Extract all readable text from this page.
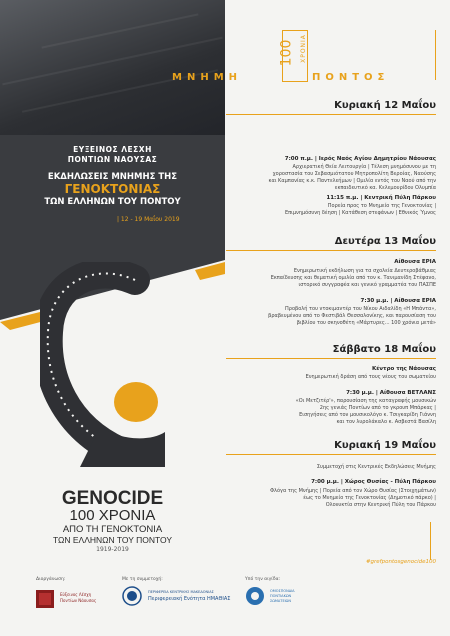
ΕΥΞΕΙΝΟΣ ΛΕΣΧΗ
ΠΟΝΤΙΩΝ ΝΑΟΥΣΑΣ
ΕΚΔΗΛΩΣΕΙΣ ΜΝΗΜΗΣ ΤΗΣ
ΓΕΝΟΚΤΟΝΙΑΣ
ΤΩΝ ΕΛΛΗΝΩΝ ΤΟΥ ΠΟΝΤΟΥ
| 12 - 19 Μαΐου 2019
GENOCIDE
100 ΧΡΟΝΙΑ
ΑΠΟ ΤΗ ΓΕΝΟΚΤΟΝΙΑ
ΤΩΝ ΕΛΛΗΝΩΝ ΤΟΥ ΠΟΝΤΟΥ
1919-2019
100 ΧΡΟΝΙΑ
ΜΝΗΜΗ	ΠΟΝΤΟΣ
Κυριακή 12 Μαΐου
7:00 π.μ. | Ιερός Ναός Αγίου Δημητρίου Νάουσας
Αρχιερατική Θεία Λειτουργία | Τέλεση μνημόσυνου με τη
χοροστασία του Σεβασμιότατου Μητροπολίτη Βεροίας, Ναούσης
και Καμπανίας κ.κ. Παντελεήμων | Ομιλία εντός του Ναού από την
εκπαιδευτικό κα. Κελεμουρίδου Ολυμπία
11:15 π.μ. | Κεντρική Πύλη Πάρκου
Πορεία προς το Μνημείο της Γενοκτονίας |
Επιμνημόσυνη δέηση | Κατάθεση στεφάνων | Εθνικός Ύμνος
Δευτέρα 13 Μαΐου
Αίθουσα ΕΡΙΑ
Ενημερωτική εκδήλωση για τα σχολεία Δευτεροβάθμιας
Εκπαίδευσης και θεματική ομιλία από τον κ. Τανιμανίδη Στέφανο,
ιστορικό συγγραφέα και γενικό γραμματέα του ΠΑΣΠΕ
7:30 μ.μ. | Αίθουσα ΕΡΙΑ
Προβολή του ντοκιμαντέρ του Νίκου Αιδαλίδη «Η Μπάντα»,
βραβευμένου από το Φεστιβάλ Θεσσαλονίκης, και παρουσίαση του
βιβλίου του σκηνοθέτη «Μάρτυρες... 100 χρόνια μετά»
Σάββατο 18 Μαΐου
Κέντρο της Νάουσας
Ενημερωτική δράση από τους νέους του σωματείου
7:30 μ.μ. | Αίθουσα ΒΕΤΛΑΝΣ
«Οι Μετζιτέρ'», παρουσίαση της καταγραφής μουσικών
2ης γενιάς Ποντίων από το γκρουπ Μπάρκας |
Εισηγήσεις από τον μουσικολόγο κ. Τσιγκαρίδη Γιάννη
και τον λυρολάκαλο κ. Ασβεστά Βασίλη
Κυριακή 19 Μαΐου
Συμμετοχή στις Κεντρικές Εκδηλώσεις Μνήμης
7:00 μ.μ. | Χώρος Θυσίας - Πύλη Πάρκου
Φλόγα της Μνήμης | Πορεία από τον Χώρο Θυσίας (Στοιχημάτων)
έως το Μνημείο της Γενοκτονίας (Δημοτικό πάρκο) |
Ολονυκτία στην Κεντρική Πύλη του Πάρκου
#grefpontosgenocide100
Διοργάνωση:
Εύξεινος Λέσχη
Ποντίων Νάουσας
Με τη συμμετοχή:
ΠΕΡΙΦΕΡΕΙΑ ΚΕΝΤΡΙΚΗΣ ΜΑΚΕΔΟΝΙΑΣ
Περιφερειακή Ενότητα ΗΜΑΘΙΑΣ
Υπό την αιγίδα:
ΟΜΟΣΠΟΝΔΙΑ
ΠΟΝΤΙΑΚΩΝ
ΣΩΜΑΤΕΙΩΝ
